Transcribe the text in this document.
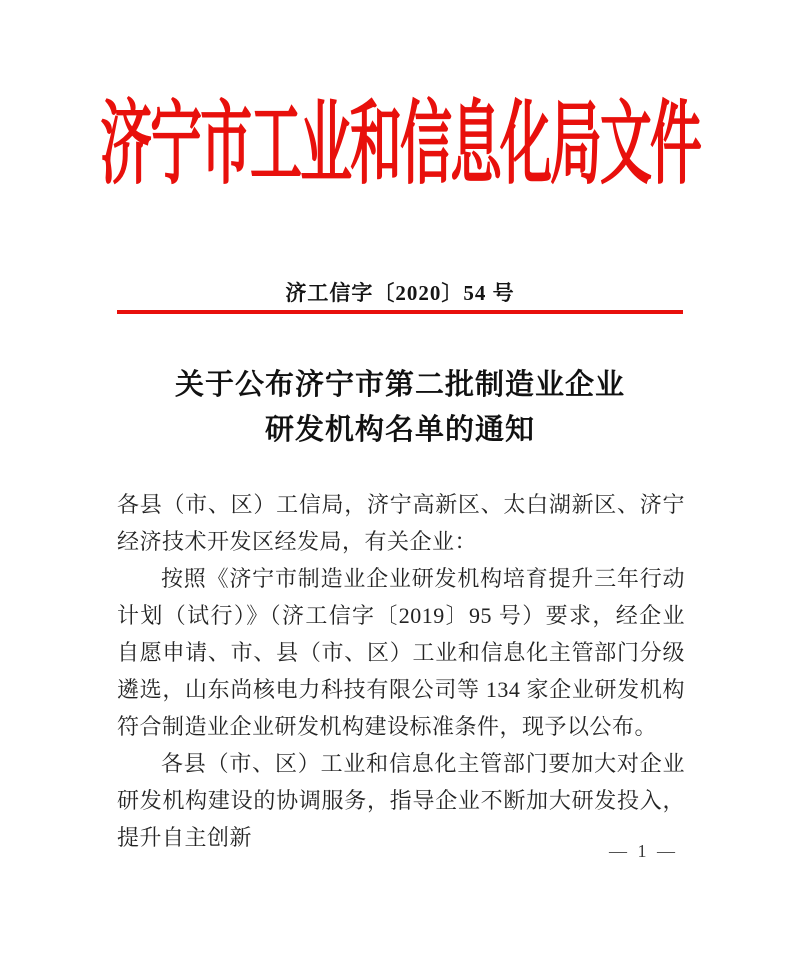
济宁市工业和信息化局文件
济工信字〔2020〕54 号
关于公布济宁市第二批制造业企业
研发机构名单的通知

各县（市、区）工信局，济宁高新区、太白湖新区、济宁经济技术开发区经发局，有关企业：

按照《济宁市制造业企业研发机构培育提升三年行动计划（试行）》（济工信字〔2019〕95 号）要求，经企业自愿申请、市、县（市、区）工业和信息化主管部门分级遴选，山东尚核电力科技有限公司等 134 家企业研发机构符合制造业企业研发机构建设标准条件，现予以公布。

各县（市、区）工业和信息化主管部门要加大对企业研发机构建设的协调服务，指导企业不断加大研发投入，提升自主创新

— 1 —
